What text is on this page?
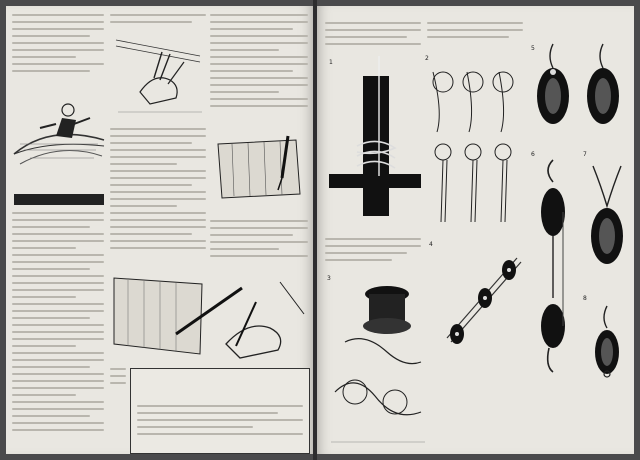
1
2
3
4
5
6	7
8
